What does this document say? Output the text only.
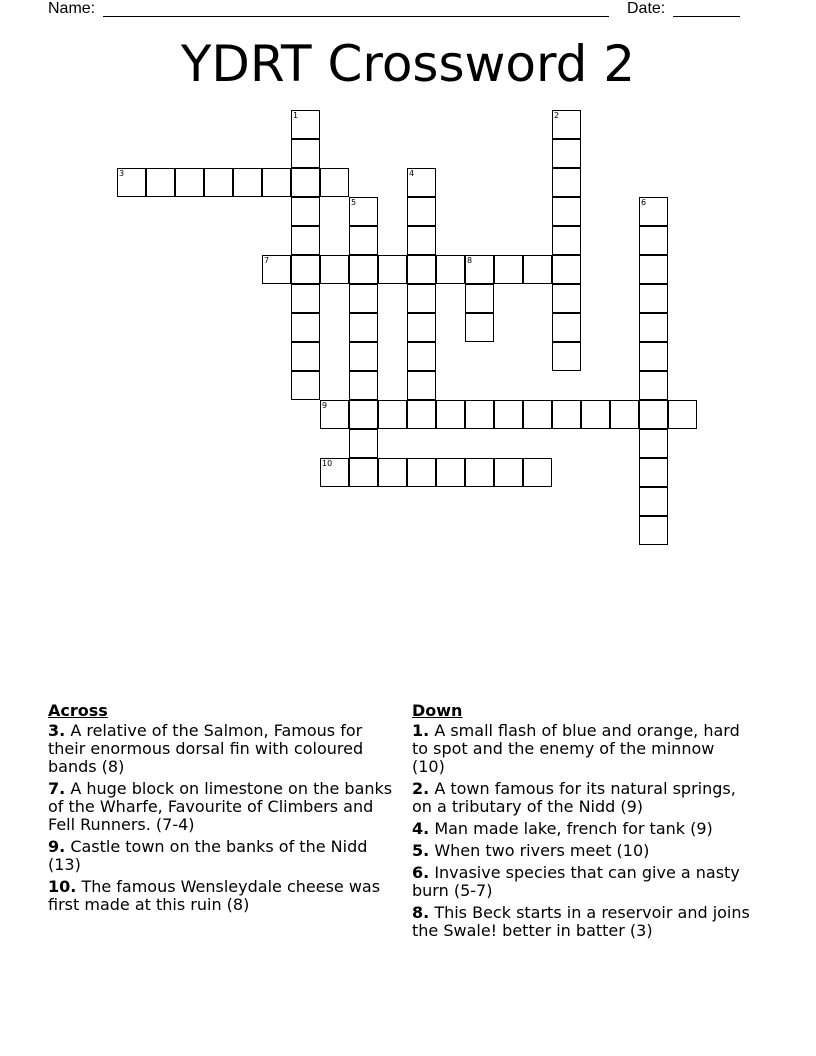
Name:	Date:
YDRT Crossword 2
1	2
3	4
5	6
7	8
9
10
Across
3. A relative of the Salmon, Famous for their enormous dorsal fin with coloured bands (8)
7. A huge block on limestone on the banks of the Wharfe, Favourite of Climbers and Fell Runners. (7-4)
9. Castle town on the banks of the Nidd (13)
10. The famous Wensleydale cheese was first made at this ruin (8)
Down
1. A small flash of blue and orange, hard to spot and the enemy of the minnow (10)
2. A town famous for its natural springs, on a tributary of the Nidd (9)
4. Man made lake, french for tank (9)
5. When two rivers meet (10)
6. Invasive species that can give a nasty burn (5-7)
8. This Beck starts in a reservoir and joins the Swale! better in batter (3)
